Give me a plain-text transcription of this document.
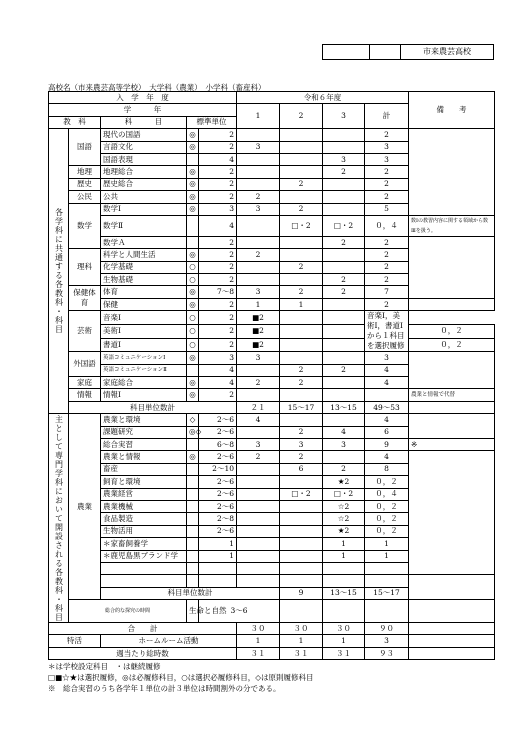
市来農芸高校
高校名（市来農芸高等学校）　大学科（農業）　小学科（畜産科）
入　学　年　度					令和６年度				備　　考	
学　　　年					1	2	3	計		
教　科		科　　　目	標準単位							
各学科に共通する各教科・科目	国語	現代の国語	◎	2				2		
		言語文化	◎	2	3			3		
		国語表現		4			3	3		
	地理	地理総合	◎	2			2	2		
	歴史	歴史総合	◎	2		2		2		
	公民	公共	◎	2	2			2		
	数学	数学Ⅰ	◎	3	3	2		5		
		数学Ⅱ		4		□・2	□・2	０，４	数Ⅰの教習内容に関する領域から数Ⅲを扱う。	
		数学Ａ		2			2	2		
	理科	科学と人間生活	◎	2	2			2		
		化学基礎	○	2		2		2		
		生物基礎	○	2			2	2		
	保健体育	体育	◎	7～8	3	2	2	7		
		保健	◎	2	1	1		2		
	芸術	音楽Ⅰ	○	2	■2			音楽Ⅰ，美術Ⅰ，書道Ⅰから１科目を選択履修		
		美術Ⅰ	○	2	■2				０，２	
		書道Ⅰ	○	2	■2				０，２	
	外国語	英語コミュニケーションⅠ	◎	3	3			3		
		英語コミュニケーションⅡ		4		2	2	4		
	家庭	家庭総合	◎	4	2	2		4		
	情報	情報Ⅰ	◎	2					農業と情報で代替	
	科目単位数計				２１	15～17	13～15	49～53		
主として専門学科において開設される各教科・科目	農業	農業と環境	◇	2～6	4			4		
		課題研究	◎◇	2～6		2	4	6		
		総合実習		6～8	3	3	3	9	※	
		農業と情報	◎	2～6	2	2		4		
		畜産		2～10		6	2	8		
		飼育と環境		2～6			★2	０，２		
		農業経営		2～6		□・2	□・2	０，４		
		農業機械		2～6			☆2	０，２		
		食品製造		2～8			☆2	０，２		
		生物活用		2～6			★2	０，２		
		＊家畜飼養学		1			1	1		
		＊鹿児島黒ブランド学		1			1	1		

		科目単位数計				9	13～15	15～17	
	総合的な探究の時間		生命と自然	3～6					
合　　計					３０	３０	３０	９０		
特活		ホームルーム活動			1	1	1	3		
週当たり総時数					３１	３１	３１	９３		
＊は学校設定科目　・は継続履修
□■☆★は選択履修，◎は必履修科目，○は選択必履修科目，◇は原則履修科目
※　総合実習のうち各学年１単位の計３単位は時間割外の分である。
